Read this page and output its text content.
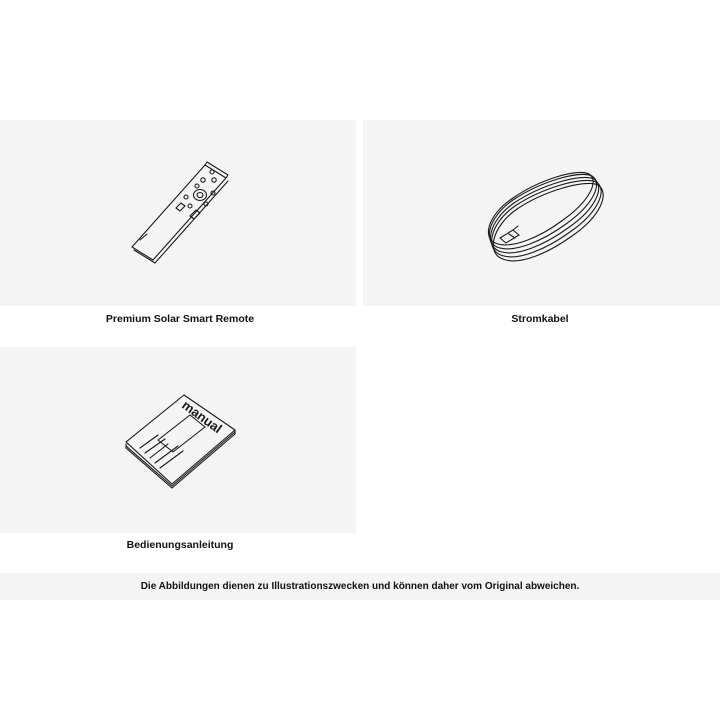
Premium Solar Smart Remote	Stromkabel
manual
Bedienungsanleitung
Die Abbildungen dienen zu Illustrationszwecken und können daher vom Original abweichen.
